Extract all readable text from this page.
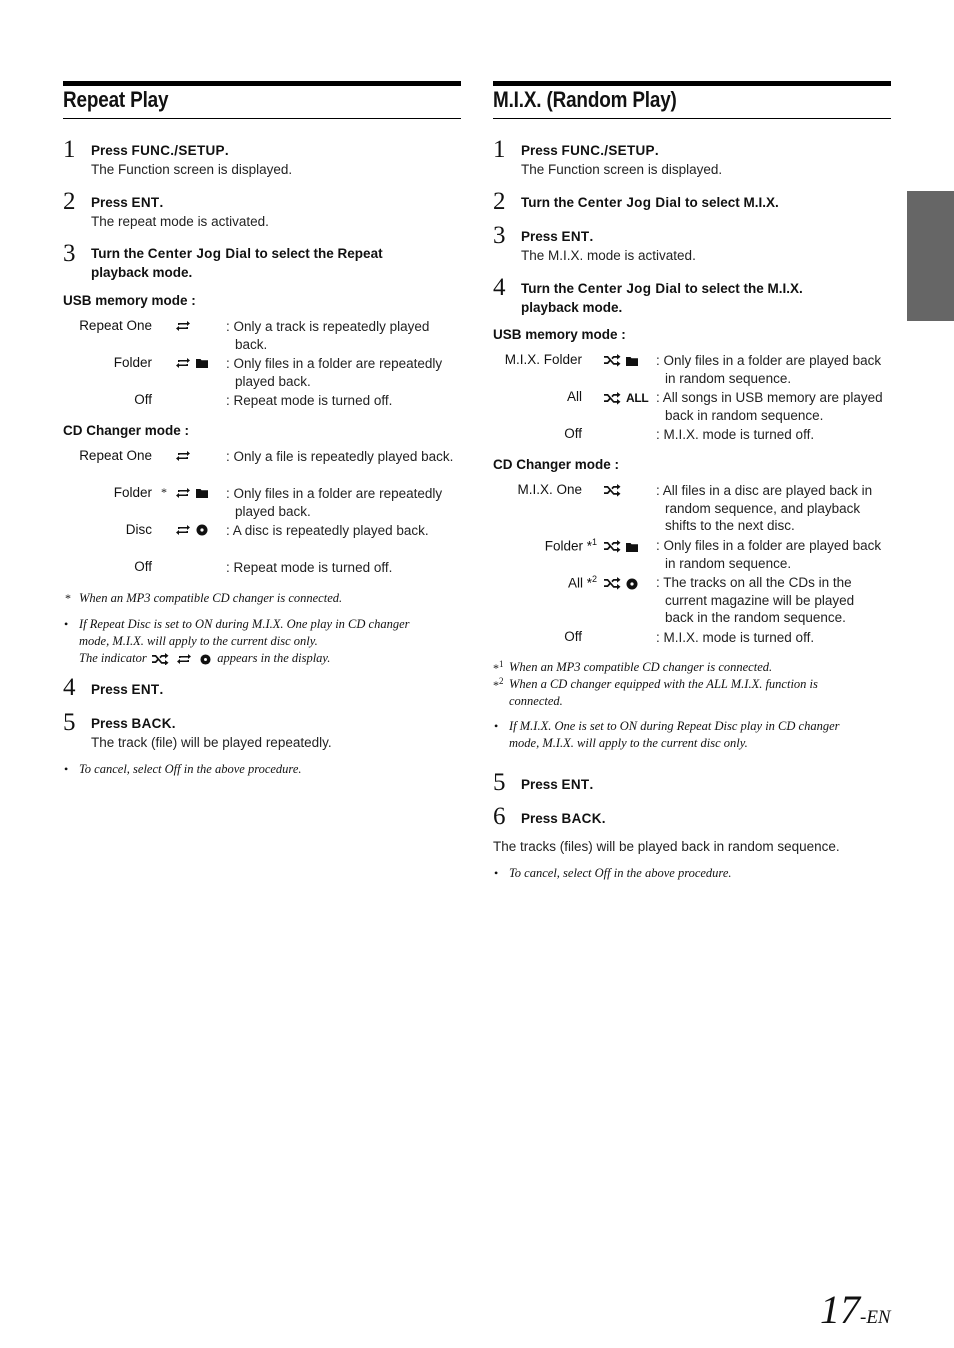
Repeat Play
1 Press FUNC./SETUP.
The Function screen is displayed.
2 Press ENT.
The repeat mode is activated.
3 Turn the Center Jog Dial to select the Repeat
playback mode.
USB memory mode :
Repeat One	: Only a track is repeatedly played
back.
Folder	: Only files in a folder are repeatedly
played back.
Off	: Repeat mode is turned off.
CD Changer mode :
Repeat One	: Only a file is repeatedly played back.
Folder *	: Only files in a folder are repeatedly
played back.
Disc	: A disc is repeatedly played back.
Off	: Repeat mode is turned off.
* When an MP3 compatible CD changer is connected.
• If Repeat Disc is set to ON during M.I.X. One play in CD changer
mode, M.I.X. will apply to the current disc only.
The indicator

	appears in the display.
4 Press ENT.
5 Press BACK.
The track (file) will be played repeatedly.
• To cancel, select Off in the above procedure.
M.I.X. (Random Play)
1 Press FUNC./SETUP.
The Function screen is displayed.
2 Turn the Center Jog Dial to select M.I.X.
3 Press ENT.
The M.I.X. mode is activated.
4 Turn the Center Jog Dial to select the M.I.X.
playback mode.
USB memory mode :
M.I.X. Folder	: Only files in a folder are played back
in random sequence.
All	ALL : All songs in USB memory are played
back in random sequence.
Off	: M.I.X. mode is turned off.
CD Changer mode :
M.I.X. One	: All files in a disc are played back in
random sequence, and playback
shifts to the next disc.
Folder *$^1$	: Only files in a folder are played back
in random sequence.
All *$^2$	: The tracks on all the CDs in the
current magazine will be played
back in the random sequence.
Off	: M.I.X. mode is turned off.
*$^1$ When an MP3 compatible CD changer is connected.
*$^2$ When a CD changer equipped with the ALL M.I.X. function is
connected.
• If M.I.X. One is set to ON during Repeat Disc play in CD changer
mode, M.I.X. will apply to the current disc only.
5 Press ENT.
6 Press BACK.
The tracks (files) will be played back in random sequence.
• To cancel, select Off in the above procedure.
17-EN
